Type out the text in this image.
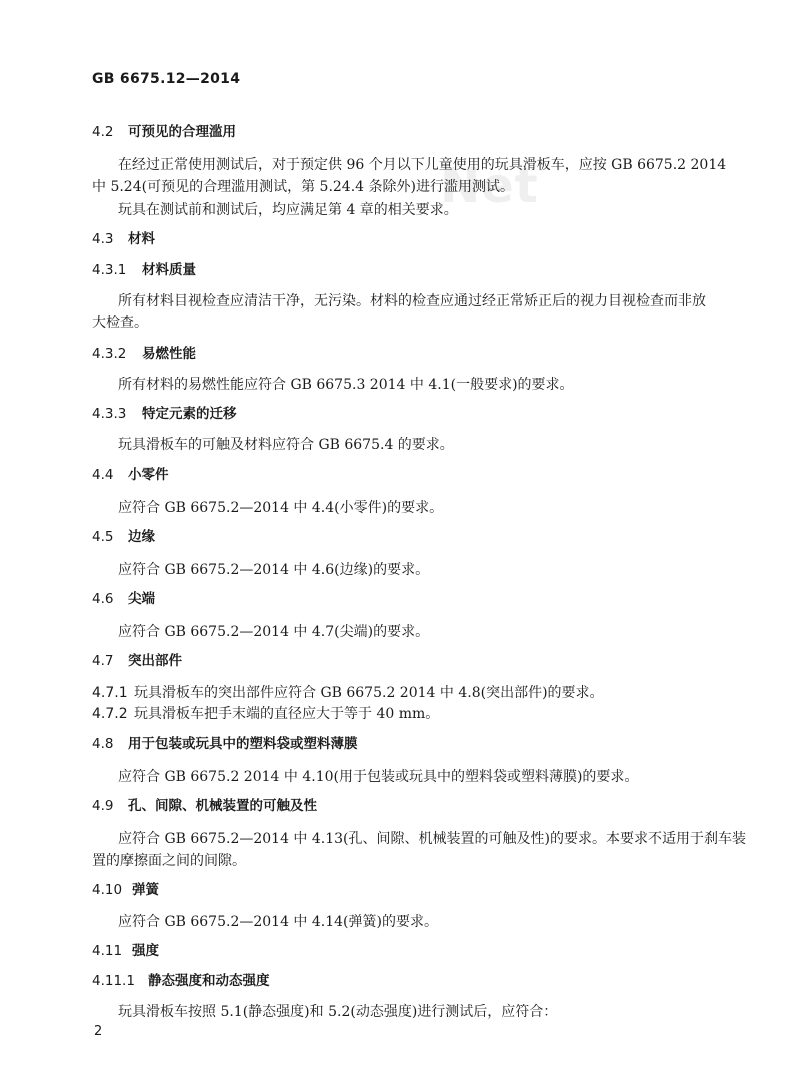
Net
GB 6675.12—2014
4.2 可预见的合理滥用
在经过正常使用测试后，对于预定供 96 个月以下儿童使用的玩具滑板车，应按 GB 6675.2 2014
中 5.24(可预见的合理滥用测试，第 5.24.4 条除外)进行滥用测试。
玩具在测试前和测试后，均应满足第 4 章的相关要求。
4.3 材料
4.3.1 材料质量
所有材料目视检查应清洁干净，无污染。材料的检查应通过经正常矫正后的视力目视检查而非放
大检查。
4.3.2 易燃性能
所有材料的易燃性能应符合 GB 6675.3 2014 中 4.1(一般要求)的要求。
4.3.3 特定元素的迁移
玩具滑板车的可触及材料应符合 GB 6675.4 的要求。
4.4 小零件
应符合 GB 6675.2—2014 中 4.4(小零件)的要求。
4.5 边缘
应符合 GB 6675.2—2014 中 4.6(边缘)的要求。
4.6 尖端
应符合 GB 6675.2—2014 中 4.7(尖端)的要求。
4.7 突出部件
4.7.1 玩具滑板车的突出部件应符合 GB 6675.2 2014 中 4.8(突出部件)的要求。
4.7.2 玩具滑板车把手末端的直径应大于等于 40 mm。
4.8 用于包装或玩具中的塑料袋或塑料薄膜
应符合 GB 6675.2 2014 中 4.10(用于包装或玩具中的塑料袋或塑料薄膜)的要求。
4.9 孔、间隙、机械装置的可触及性
应符合 GB 6675.2—2014 中 4.13(孔、间隙、机械装置的可触及性)的要求。本要求不适用于刹车装
置的摩擦面之间的间隙。
4.10 弹簧
应符合 GB 6675.2—2014 中 4.14(弹簧)的要求。
4.11 强度
4.11.1 静态强度和动态强度
玩具滑板车按照 5.1(静态强度)和 5.2(动态强度)进行测试后，应符合：
2
